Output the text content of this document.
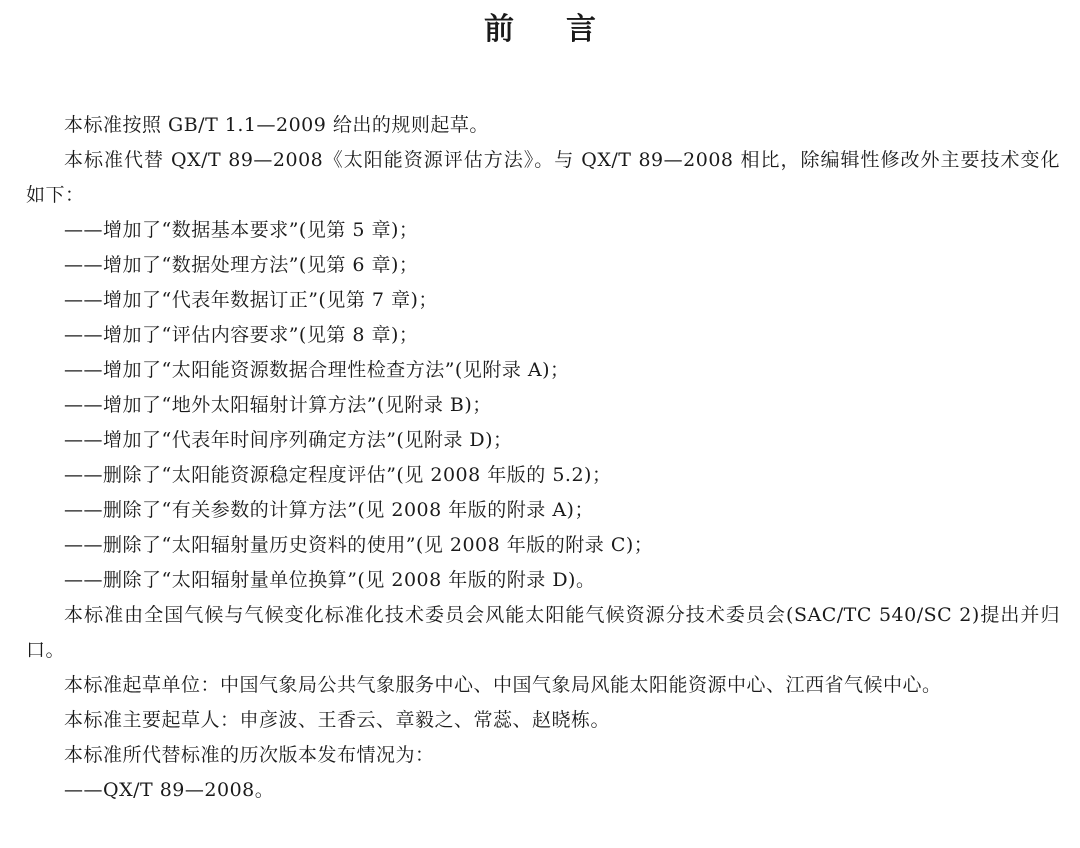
前言

本标准按照 GB/T 1.1—2009 给出的规则起草。

本标准代替 QX/T 89—2008《太阳能资源评估方法》。与 QX/T 89—2008 相比，除编辑性修改外主要技术变化如下：

——增加了“数据基本要求”(见第 5 章)；

——增加了“数据处理方法”(见第 6 章)；

——增加了“代表年数据订正”(见第 7 章)；

——增加了“评估内容要求”(见第 8 章)；

——增加了“太阳能资源数据合理性检查方法”(见附录 A)；

——增加了“地外太阳辐射计算方法”(见附录 B)；

——增加了“代表年时间序列确定方法”(见附录 D)；

——删除了“太阳能资源稳定程度评估”(见 2008 年版的 5.2)；

——删除了“有关参数的计算方法”(见 2008 年版的附录 A)；

——删除了“太阳辐射量历史资料的使用”(见 2008 年版的附录 C)；

——删除了“太阳辐射量单位换算”(见 2008 年版的附录 D)。

本标准由全国气候与气候变化标准化技术委员会风能太阳能气候资源分技术委员会(SAC/TC 540/SC 2)提出并归口。

本标准起草单位：中国气象局公共气象服务中心、中国气象局风能太阳能资源中心、江西省气候中心。

本标准主要起草人：申彦波、王香云、章毅之、常蕊、赵晓栋。

本标准所代替标准的历次版本发布情况为：

——QX/T 89—2008。
